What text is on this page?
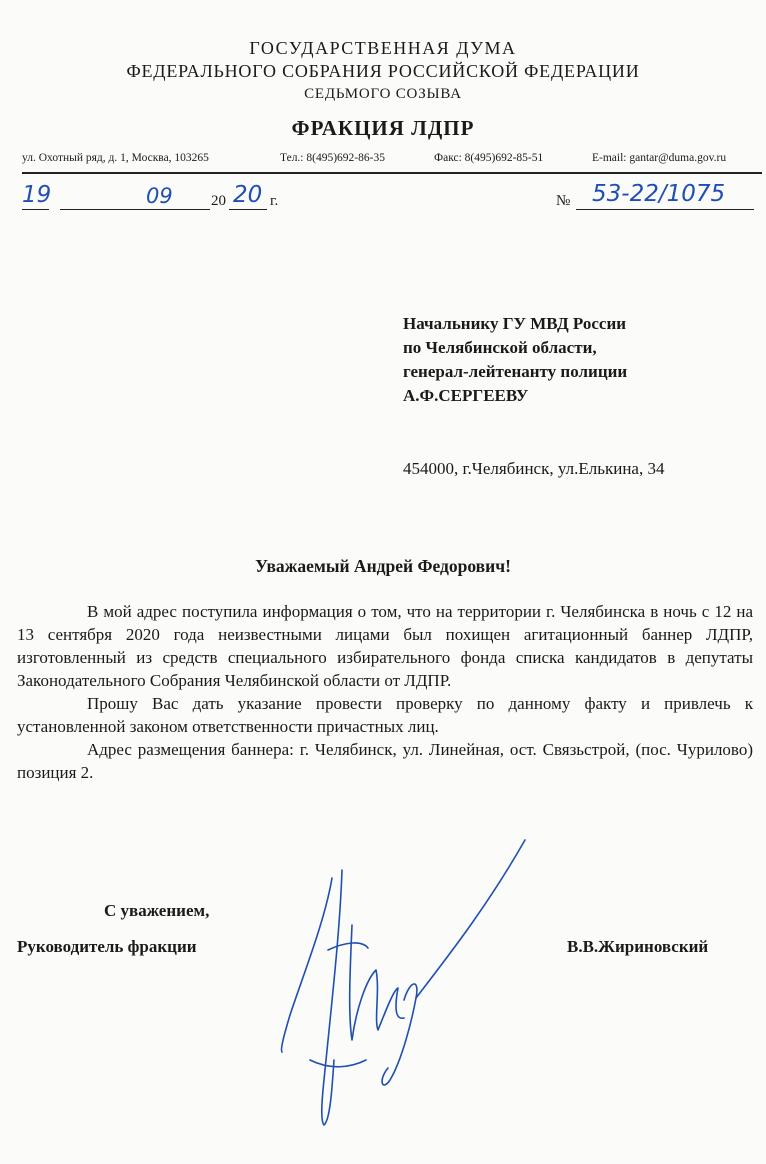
ГОСУДАРСТВЕННАЯ ДУМА
ФЕДЕРАЛЬНОГО СОБРАНИЯ РОССИЙСКОЙ ФЕДЕРАЦИИ
СЕДЬМОГО СОЗЫВА
ФРАКЦИЯ ЛДПР
ул. Охотный ряд, д. 1, Москва, 103265	Тел.: 8(495)692-86-35	Факс: 8(495)692-85-51	E-mail: gantar@duma.gov.ru
19	09	20 20 г.	№ 53-22/1075
Начальнику ГУ МВД России
по Челябинской области,
генерал-лейтенанту полиции
А.Ф.СЕРГЕЕВУ
454000, г.Челябинск, ул.Елькина, 34
Уважаемый Андрей Федорович!

В мой адрес поступила информация о том, что на территории г. Челябинска в ночь с 12 на 13 сентября 2020 года неизвестными лицами был похищен агитационный баннер ЛДПР, изготовленный из средств специального избирательного фонда списка кандидатов в депутаты Законодательного Собрания Челябинской области от ЛДПР.

Прошу Вас дать указание провести проверку по данному факту и привлечь к установленной законом ответственности причастных лиц.

Адрес размещения баннера: г. Челябинск, ул. Линейная, ост. Связьстрой, (пос. Чурилово) позиция 2.

С уважением,
Руководитель фракции	В.В.Жириновский
